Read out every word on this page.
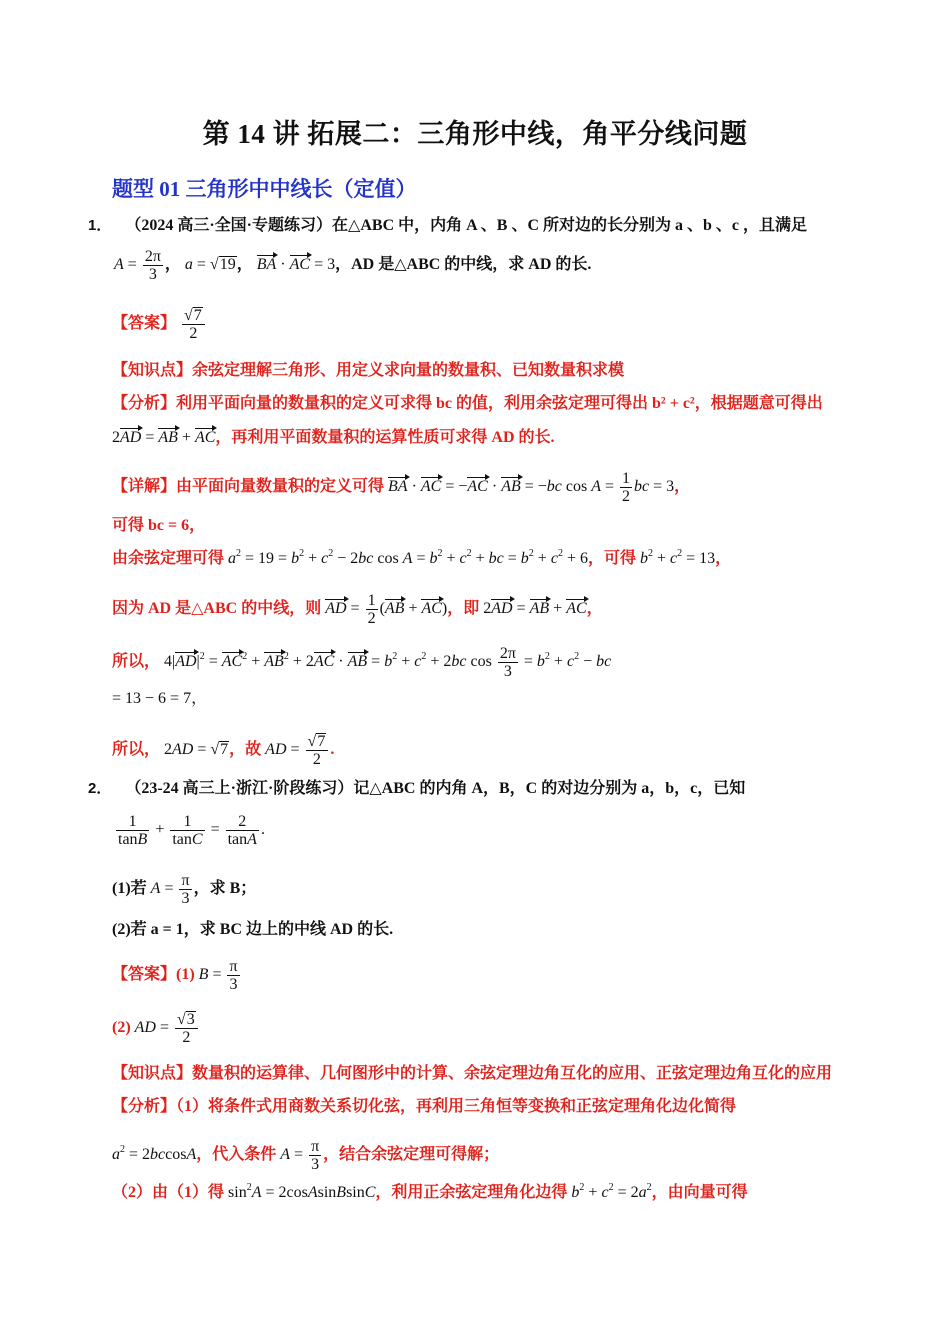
第 14 讲 拓展二：三角形中线，角平分线问题
题型 01 三角形中中线长（定值）
1． （2024 高三·全国·专题练习）在△ABC 中，内角 A 、B 、C 所对边的长分别为 a 、b 、c ，且满足
$A = \frac{2\pi}{3}$ ， a = √19， BA · AC = 3，AD 是△ABC 的中线，求 AD 的长.
【答案】 $\frac{√7}{2}$
【知识点】余弦定理解三角形、用定义求向量的数量积、已知数量积求模
【分析】利用平面向量的数量积的定义可求得 bc 的值，利用余弦定理可得出 b² + c²，根据题意可得出
2AD = AB + AC，再利用平面数量积的运算性质可求得 AD 的长.
【详解】由平面向量数量积的定义可得 BA · AC = −AC · AB = −bc $\cos A = \frac{1}{2}$ bc = 3，
可得 bc = 6，
由余弦定理可得 $a^2 = 19 = b^2 + c^2 - 2bc$ $\cos A = b^2 + c^2$ + bc = $b^2 + c^2 + 6$，可得 $b^2 + c^2 = 13$，
因为 AD 是△ABC 的中线，则 AD = $\frac{1}{2} (AB + AC)$，即 2AD = AB + AC，
所以， $4|AD|^2 = AC^2 + AB^2 + 2AC$ · AB = $b^2 + c^2 + 2bc$ $\cos \frac{2\pi}{3} = b^2 + c^2$ − bc
= 13 − 6 = 7，
所以， 2AD = √7，故 AD = $\frac{√7}{2}$ .
2． （23-24 高三上·浙江·阶段练习）记△ABC 的内角 A，B，C 的对边分别为 a，b，c，已知
$\frac{1}{\tan B} + \frac{1}{\tan C} = \frac{2}{\tan A}$ .
(1)若 $A = \frac{\pi}{3}$ ，求 B；
(2)若 a = 1，求 BC 边上的中线 AD 的长.
【答案】(1) $B = \frac{\pi}{3}$
(2) AD = $\frac{√3}{2}$
【知识点】数量积的运算律、几何图形中的计算、余弦定理边角互化的应用、正弦定理边角互化的应用
【分析】（1）将条件式用商数关系切化弦，再利用三角恒等变换和正弦定理角化边化简得
$a^2 = 2bccosA$，代入条件 $A = \frac{\pi}{3}$ ，结合余弦定理可得解；
（2）由（1）得 $\sin^2A$ = 2cosAsinBsinC，利用正余弦定理角化边得 $b^2 + c^2 = 2a^2$，由向量可得
